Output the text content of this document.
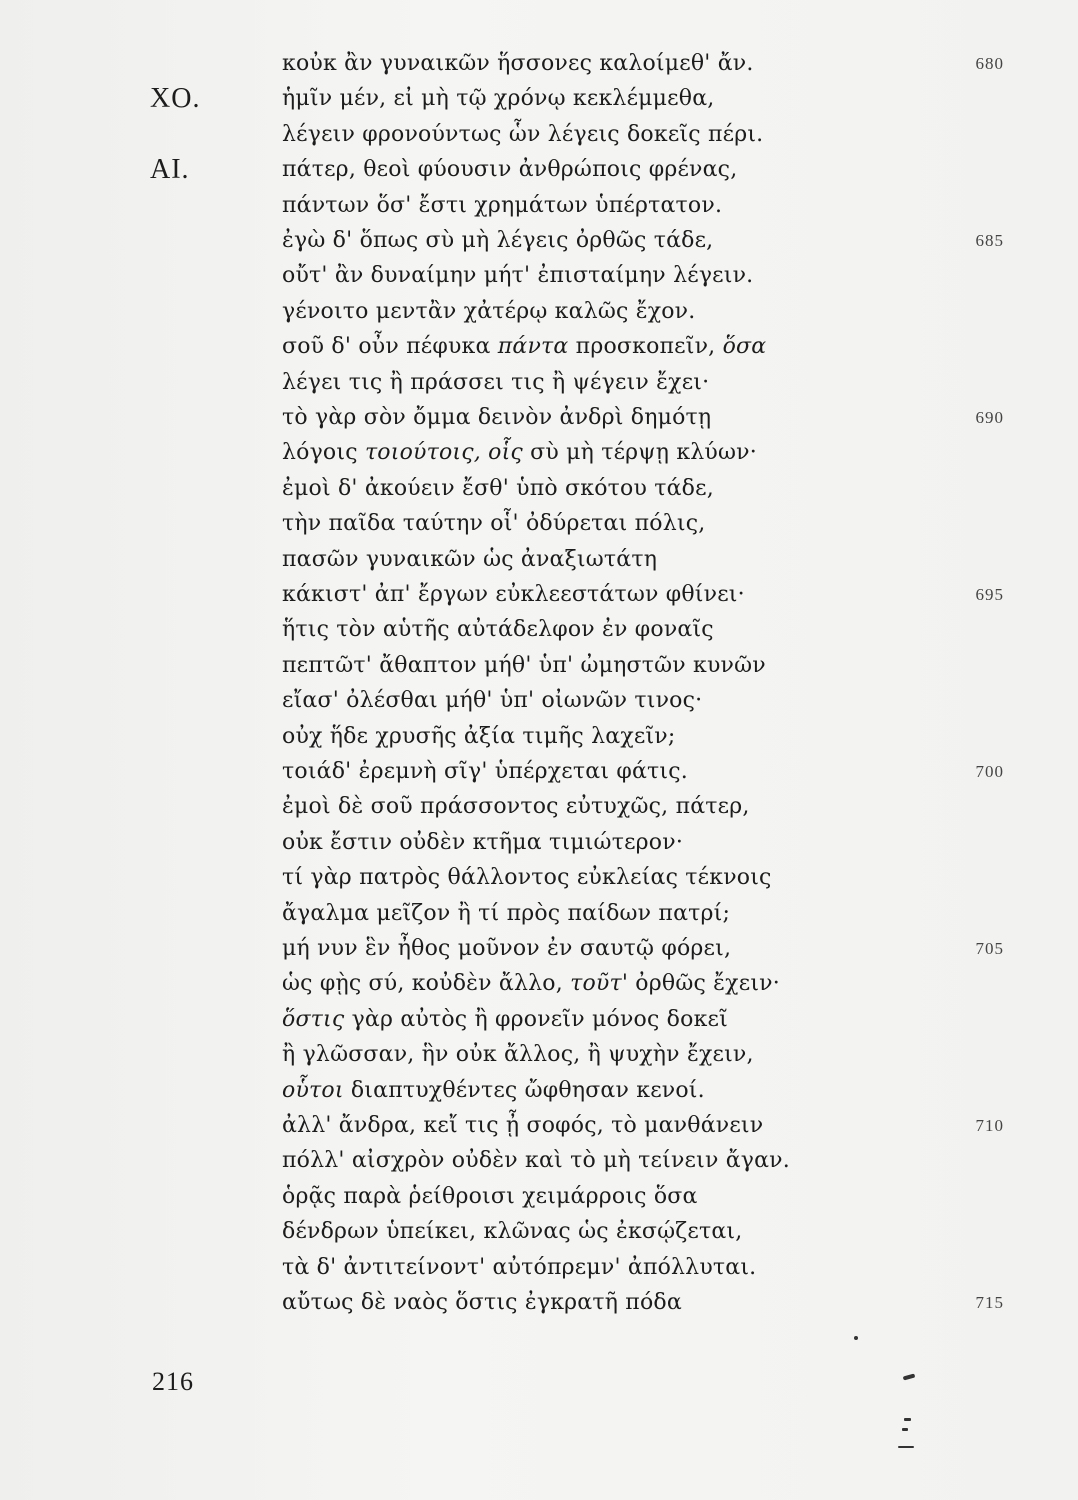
κοὐκ ἂν γυναικῶν ἥσσονες καλοίμεθ' ἄν.	680
ΧΟ.	ἡμῖν μέν, εἰ μὴ τῷ χρόνῳ κεκλέμμεθα,
λέγειν φρονούντως ὧν λέγεις δοκεῖς πέρι.
ΑΙ.	πάτερ, θεοὶ φύουσιν ἀνθρώποις φρένας,
πάντων ὅσ' ἔστι χρημάτων ὑπέρτατον.
ἐγὼ δ' ὅπως σὺ μὴ λέγεις ὀρθῶς τάδε,	685
οὔτ' ἂν δυναίμην μήτ' ἐπισταίμην λέγειν.
γένοιτο μεντἂν χἀτέρῳ καλῶς ἔχον.
σοῦ δ' οὖν πέφυκα πάντα προσκοπεῖν, ὅσα
λέγει τις ἢ πράσσει τις ἢ ψέγειν ἔχει·
τὸ γὰρ σὸν ὄμμα δεινὸν ἀνδρὶ δημότῃ	690
λόγοις τοιούτοις, οἷς σὺ μὴ τέρψῃ κλύων·
ἐμοὶ δ' ἀκούειν ἔσθ' ὑπὸ σκότου τάδε,
τὴν παῖδα ταύτην οἷ' ὀδύρεται πόλις,
πασῶν γυναικῶν ὡς ἀναξιωτάτη
κάκιστ' ἀπ' ἔργων εὐκλεεστάτων φθίνει·	695
ἥτις τὸν αὑτῆς αὐτάδελφον ἐν φοναῖς
πεπτῶτ' ἄθαπτον μήθ' ὑπ' ὠμηστῶν κυνῶν
εἴασ' ὀλέσθαι μήθ' ὑπ' οἰωνῶν τινος·
οὐχ ἥδε χρυσῆς ἀξία τιμῆς λαχεῖν;
τοιάδ' ἐρεμνὴ σῖγ' ὑπέρχεται φάτις.	700
ἐμοὶ δὲ σοῦ πράσσοντος εὐτυχῶς, πάτερ,
οὐκ ἔστιν οὐδὲν κτῆμα τιμιώτερον·
τί γὰρ πατρὸς θάλλοντος εὐκλείας τέκνοις
ἄγαλμα μεῖζον ἢ τί πρὸς παίδων πατρί;
μή νυν ἓν ἦθος μοῦνον ἐν σαυτῷ φόρει,	705
ὡς φῂς σύ, κοὐδὲν ἄλλο, τοῦτ' ὀρθῶς ἔχειν·
ὅστις γὰρ αὐτὸς ἢ φρονεῖν μόνος δοκεῖ
ἢ γλῶσσαν, ἣν οὐκ ἄλλος, ἢ ψυχὴν ἔχειν,
οὗτοι διαπτυχθέντες ὤφθησαν κενοί.
ἀλλ' ἄνδρα, κεἴ τις ᾖ σοφός, τὸ μανθάνειν	710
πόλλ' αἰσχρὸν οὐδὲν καὶ τὸ μὴ τείνειν ἄγαν.
ὁρᾷς παρὰ ῥείθροισι χειμάρροις ὅσα
δένδρων ὑπείκει, κλῶνας ὡς ἐκσῴζεται,
τὰ δ' ἀντιτείνοντ' αὐτόπρεμν' ἀπόλλυται.
αὔτως δὲ ναὸς ὅστις ἐγκρατῆ πόδα	715
216
